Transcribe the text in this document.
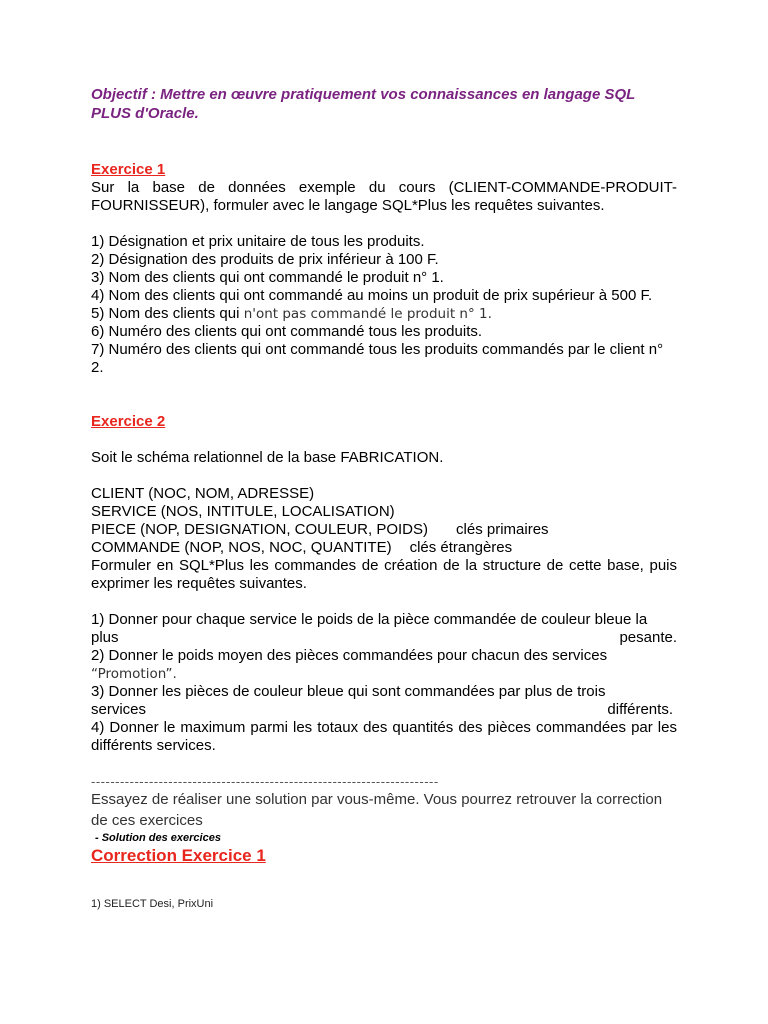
Objectif : Mettre en œuvre pratiquement vos connaissances en langage SQL PLUS d'Oracle.

Exercice 1

Sur la base de données exemple du cours (CLIENT-COMMANDE-PRODUIT-FOURNISSEUR), formuler avec le langage SQL*Plus les requêtes suivantes.

1) Désignation et prix unitaire de tous les produits.
2) Désignation des produits de prix inférieur à 100 F.
3) Nom des clients qui ont commandé le produit n° 1.
4) Nom des clients qui ont commandé au moins un produit de prix supérieur à 500 F.
5) Nom des clients qui n'ont pas commandé le produit n° 1.
6) Numéro des clients qui ont commandé tous les produits.
7) Numéro des clients qui ont commandé tous les produits commandés par le client n° 2.

Exercice 2

Soit le schéma relationnel de la base FABRICATION.

CLIENT (NOC, NOM, ADRESSE)

SERVICE (NOS, INTITULE, LOCALISATION)

PIECE (NOP, DESIGNATION, COULEUR, POIDS) clés primaires

COMMANDE (NOP, NOS, NOC, QUANTITE) clés étrangères

Formuler en SQL*Plus les commandes de création de la structure de cette base, puis exprimer les requêtes suivantes.

1) Donner pour chaque service le poids de la pièce commandée de couleur bleue la

plus	pesante.

2) Donner le poids moyen des pièces commandées pour chacun des services

“Promotion”.

3) Donner les pièces de couleur bleue qui sont commandées par plus de trois

services	différents.

4) Donner le maximum parmi les totaux des quantités des pièces commandées par les différents services.

------------------------------------------------------------------------

Essayez de réaliser une solution par vous-même. Vous pourrez retrouver la correction de ces exercices

- Solution des exercices

Correction Exercice 1

1) SELECT Desi, PrixUni
